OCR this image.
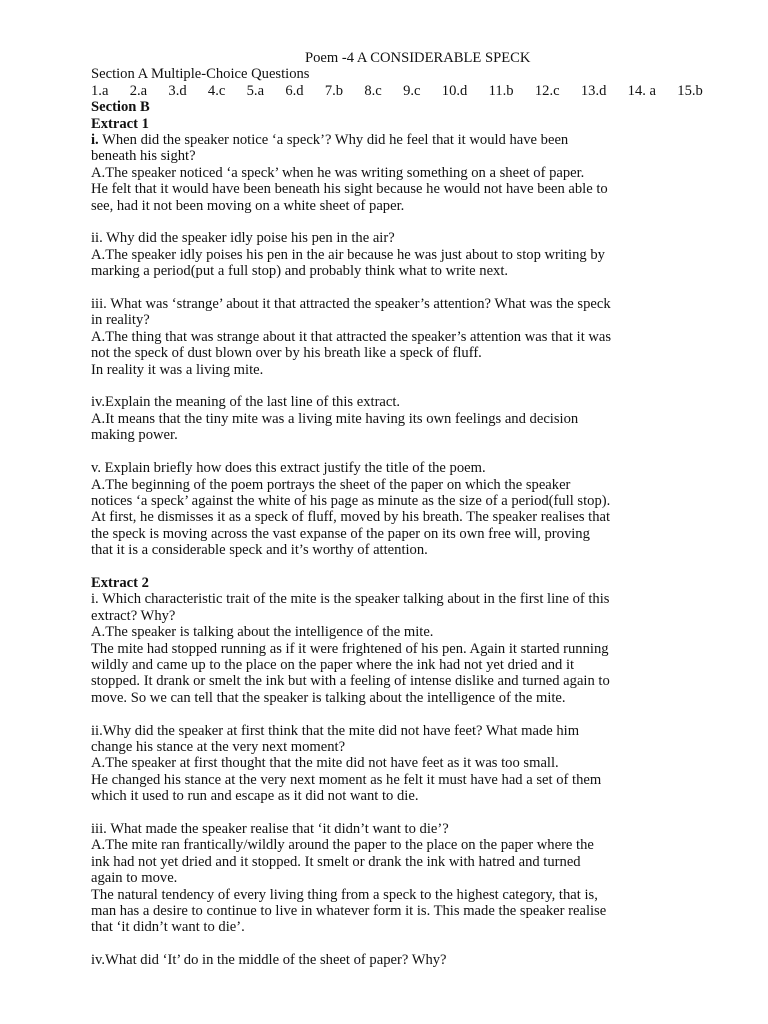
Poem -4 A CONSIDERABLE SPECK
Section A Multiple-Choice Questions
1.a 2.a 3.d 4.c 5.a 6.d 7.b 8.c 9.c 10.d 11.b 12.c 13.d 14. a 15.b
Section B
Extract 1
i. When did the speaker notice ‘a speck’? Why did he feel that it would have been
beneath his sight?
A.The speaker noticed ‘a speck’ when he was writing something on a sheet of paper.
He felt that it would have been beneath his sight because he would not have been able to
see, had it not been moving on a white sheet of paper.
ii. Why did the speaker idly poise his pen in the air?
A.The speaker idly poises his pen in the air because he was just about to stop writing by
marking a period(put a full stop) and probably think what to write next.
iii. What was ‘strange’ about it that attracted the speaker’s attention? What was the speck
in reality?
A.The thing that was strange about it that attracted the speaker’s attention was that it was
not the speck of dust blown over by his breath like a speck of fluff.
In reality it was a living mite.
iv.Explain the meaning of the last line of this extract.
A.It means that the tiny mite was a living mite having its own feelings and decision
making power.
v. Explain briefly how does this extract justify the title of the poem.
A.The beginning of the poem portrays the sheet of the paper on which the speaker
notices ‘a speck’ against the white of his page as minute as the size of a period(full stop).
At first, he dismisses it as a speck of fluff, moved by his breath. The speaker realises that
the speck is moving across the vast expanse of the paper on its own free will, proving
that it is a considerable speck and it’s worthy of attention.
Extract 2
i. Which characteristic trait of the mite is the speaker talking about in the first line of this
extract? Why?
A.The speaker is talking about the intelligence of the mite.
The mite had stopped running as if it were frightened of his pen. Again it started running
wildly and came up to the place on the paper where the ink had not yet dried and it
stopped. It drank or smelt the ink but with a feeling of intense dislike and turned again to
move. So we can tell that the speaker is talking about the intelligence of the mite.
ii.Why did the speaker at first think that the mite did not have feet? What made him
change his stance at the very next moment?
A.The speaker at first thought that the mite did not have feet as it was too small.
He changed his stance at the very next moment as he felt it must have had a set of them
which it used to run and escape as it did not want to die.
iii. What made the speaker realise that ‘it didn’t want to die’?
A.The mite ran frantically/wildly around the paper to the place on the paper where the
ink had not yet dried and it stopped. It smelt or drank the ink with hatred and turned
again to move.
The natural tendency of every living thing from a speck to the highest category, that is,
man has a desire to continue to live in whatever form it is. This made the speaker realise
that ‘it didn’t want to die’.
iv.What did ‘It’ do in the middle of the sheet of paper? Why?
